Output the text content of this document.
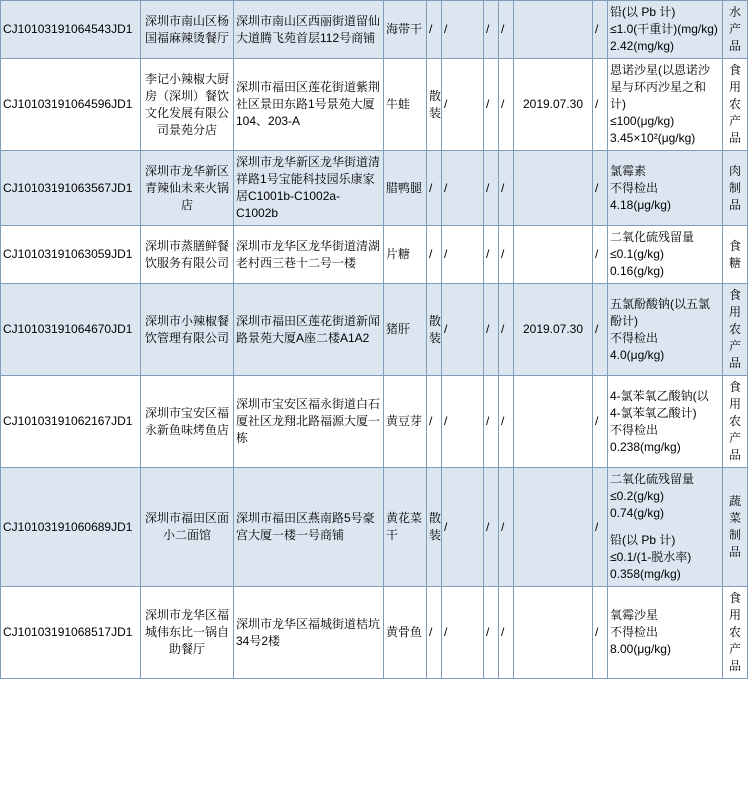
CJ10103191064543JD1	深圳市南山区杨国福麻辣烫餐厅	深圳市南山区西丽街道留仙大道腾飞苑首层112号商铺	海带干	/	/	/	/		/	铅(以 Pb 计)
≤1.0(干重计)(mg/kg)
2.42(mg/kg)	水产品
CJ10103191064596JD1	李记小辣椒大厨房（深圳）餐饮文化发展有限公司景苑分店	深圳市福田区莲花街道紫荆社区景田东路1号景苑大厦104、203-A	牛蛙	散装	/	/	/	2019.07.30	/	恩诺沙星(以恩诺沙星与环丙沙星之和计)
≤100(μg/kg)
3.45×10²(μg/kg)	食用农产品
CJ10103191063567JD1	深圳市龙华新区青辣仙未来火锅店	深圳市龙华新区龙华街道清祥路1号宝能科技园乐康家居C1001b-C1002a-C1002b	腊鸭腿	/	/	/	/		/	氯霉素
不得检出
4.18(μg/kg)	肉制品
CJ10103191063059JD1	深圳市蒸膳鲜餐饮服务有限公司	深圳市龙华区龙华街道清湖老村西三巷十二号一楼	片糖	/	/	/	/		/	二氧化硫残留量
≤0.1(g/kg)
0.16(g/kg)	食糖
CJ10103191064670JD1	深圳市小辣椒餐饮管理有限公司	深圳市福田区莲花街道新闻路景苑大厦A座二楼A1A2	猪肝	散装	/	/	/	2019.07.30	/	五氯酚酸钠(以五氯酚计)
不得检出
4.0(μg/kg)	食用农产品
CJ10103191062167JD1	深圳市宝安区福永新鱼味烤鱼店	深圳市宝安区福永街道白石厦社区龙翔北路福源大厦一栋	黄豆芽	/	/	/	/		/	4-氯苯氧乙酸钠(以 4-氯苯氧乙酸计)
不得检出
0.238(mg/kg)	食用农产品
CJ10103191060689JD1	深圳市福田区面小二面馆	深圳市福田区燕南路5号豪宫大厦一楼一号商铺	黄花菜干	散装	/	/	/		/	
二氧化硫残留量
≤0.2(g/kg)
0.74(g/kg)
铅(以 Pb 计)
≤0.1/(1-脱水率)
0.358(mg/kg)
	蔬菜制品
CJ10103191068517JD1	深圳市龙华区福城伟东比一锅自助餐厅	深圳市龙华区福城街道桔坑34号2楼	黄骨鱼	/	/	/	/		/	氧霉沙星
不得检出
8.00(μg/kg)	食用农产品
